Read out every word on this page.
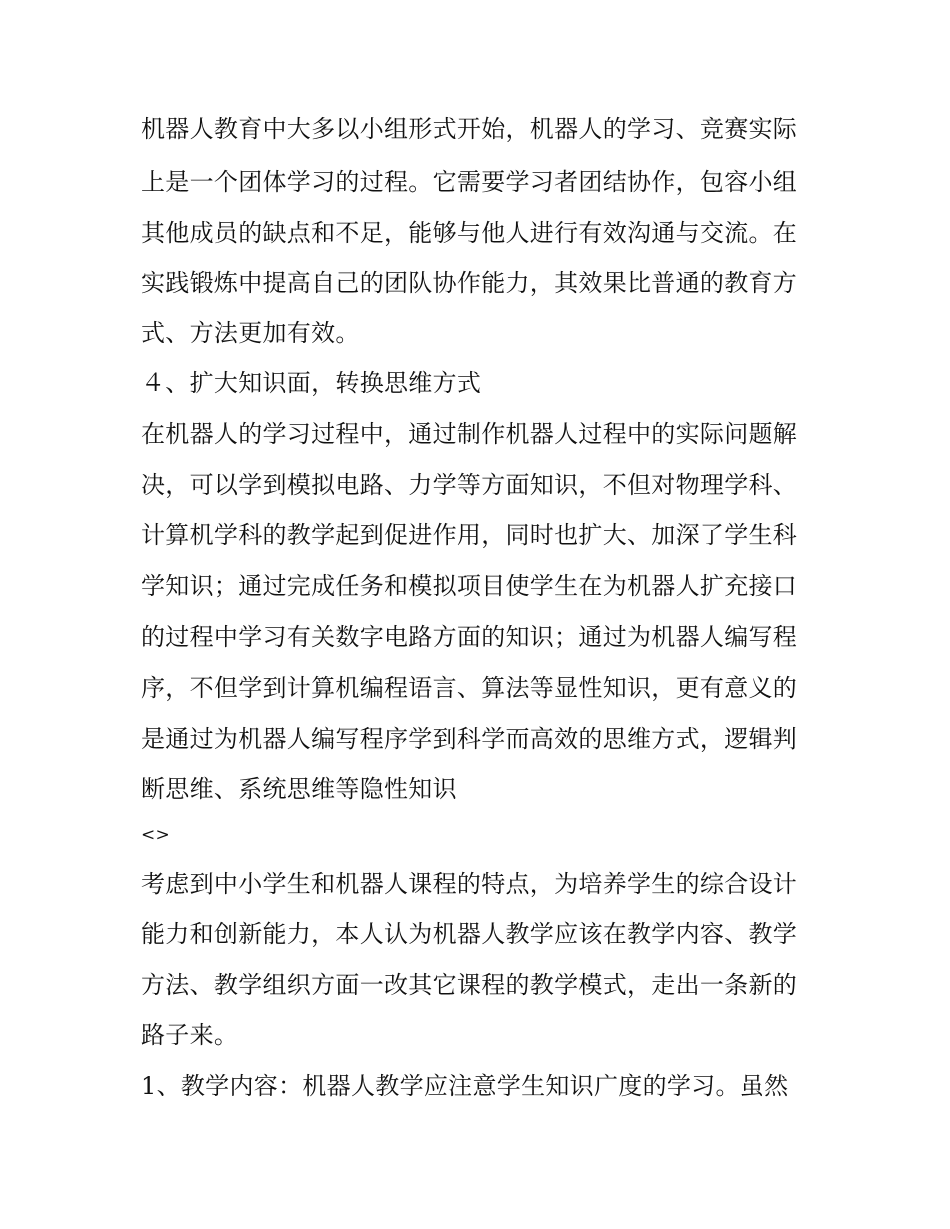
机器人教育中大多以小组形式开始，机器人的学习、竞赛实际
上是一个团体学习的过程。它需要学习者团结协作，包容小组
其他成员的缺点和不足，能够与他人进行有效沟通与交流。在
实践锻炼中提高自己的团队协作能力，其效果比普通的教育方
式、方法更加有效。
４、扩大知识面，转换思维方式
在机器人的学习过程中，通过制作机器人过程中的实际问题解
决，可以学到模拟电路、力学等方面知识，不但对物理学科、
计算机学科的教学起到促进作用，同时也扩大、加深了学生科
学知识；通过完成任务和模拟项目使学生在为机器人扩充接口
的过程中学习有关数字电路方面的知识；通过为机器人编写程
序，不但学到计算机编程语言、算法等显性知识，更有意义的
是通过为机器人编写程序学到科学而高效的思维方式，逻辑判
断思维、系统思维等隐性知识
<>
考虑到中小学生和机器人课程的特点，为培养学生的综合设计
能力和创新能力，本人认为机器人教学应该在教学内容、教学
方法、教学组织方面一改其它课程的教学模式，走出一条新的
路子来。
1、教学内容：机器人教学应注意学生知识广度的学习。虽然
